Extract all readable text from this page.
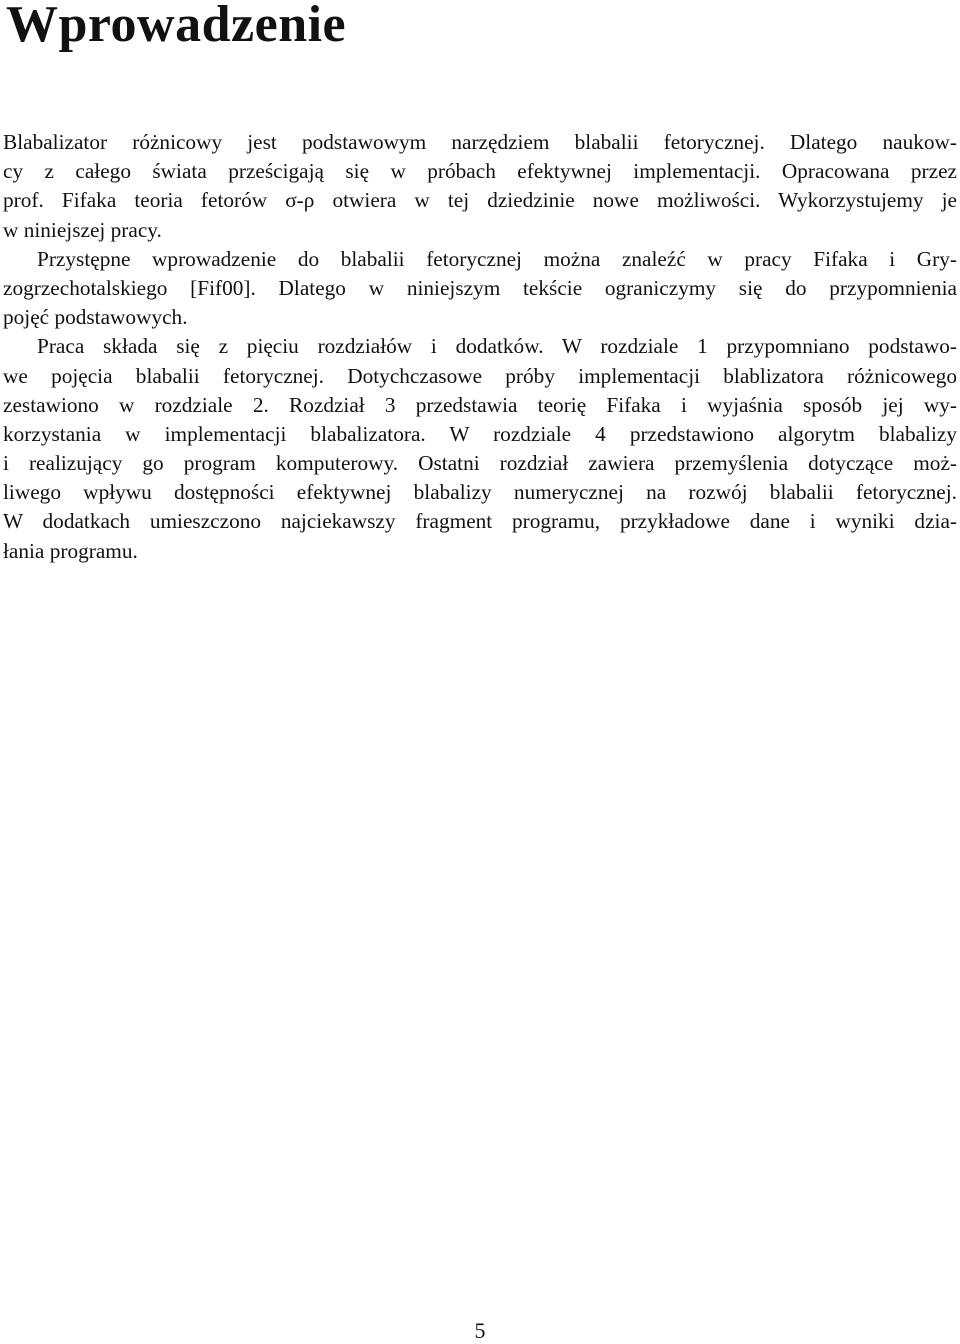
Wprowadzenie
Blabalizator różnicowy jest podstawowym narzędziem blabalii fetorycznej. Dlatego naukow-
cy z całego świata prześcigają się w próbach efektywnej implementacji. Opracowana przez
prof. Fifaka teoria fetorów σ-ρ otwiera w tej dziedzinie nowe możliwości. Wykorzystujemy je
w niniejszej pracy.
Przystępne wprowadzenie do blabalii fetorycznej można znaleźć w pracy Fifaka i Gry-
zogrzechotalskiego [Fif00]. Dlatego w niniejszym tekście ograniczymy się do przypomnienia
pojęć podstawowych.
Praca składa się z pięciu rozdziałów i dodatków. W rozdziale 1 przypomniano podstawo-
we pojęcia blabalii fetorycznej. Dotychczasowe próby implementacji blablizatora różnicowego
zestawiono w rozdziale 2. Rozdział 3 przedstawia teorię Fifaka i wyjaśnia sposób jej wy-
korzystania w implementacji blabalizatora. W rozdziale 4 przedstawiono algorytm blabalizy
i realizujący go program komputerowy. Ostatni rozdział zawiera przemyślenia dotyczące moż-
liwego wpływu dostępności efektywnej blabalizy numerycznej na rozwój blabalii fetorycznej.
W dodatkach umieszczono najciekawszy fragment programu, przykładowe dane i wyniki dzia-
łania programu.
5
